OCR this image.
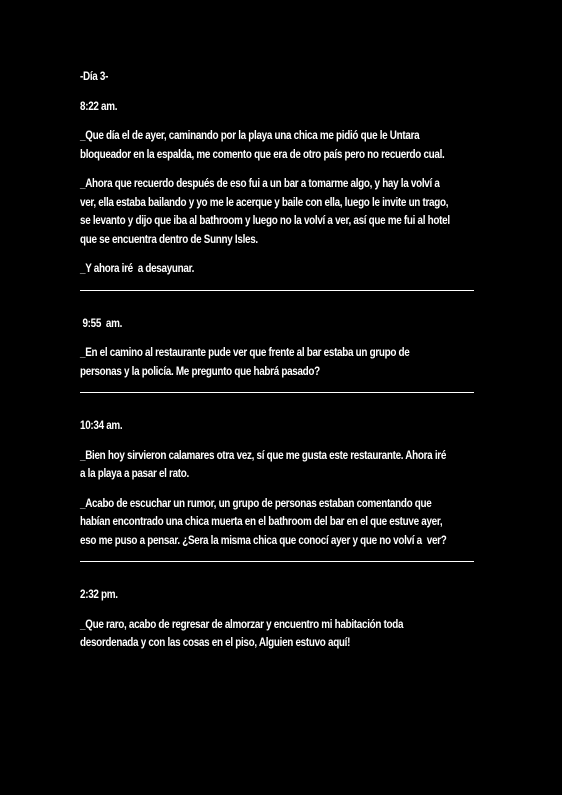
-Día 3-
8:22 am.
_Que día el de ayer, caminando por la playa una chica me pidió que le Untara
bloqueador en la espalda, me comento que era de otro país pero no recuerdo cual.
_Ahora que recuerdo después de eso fui a un bar a tomarme algo, y hay la volví a
ver, ella estaba bailando y yo me le acerque y baile con ella, luego le invite un trago,
se levanto y dijo que iba al bathroom y luego no la volví a ver, así que me fui al hotel
que se encuentra dentro de Sunny Isles.
_Y ahora iré  a desayunar.
9:55  am.
_En el camino al restaurante pude ver que frente al bar estaba un grupo de
personas y la policía. Me pregunto que habrá pasado?
10:34 am.
_Bien hoy sirvieron calamares otra vez, sí que me gusta este restaurante. Ahora iré
a la playa a pasar el rato.
_Acabo de escuchar un rumor, un grupo de personas estaban comentando que
habían encontrado una chica muerta en el bathroom del bar en el que estuve ayer,
eso me puso a pensar. ¿Sera la misma chica que conocí ayer y que no volví a  ver?
2:32 pm.
_Que raro, acabo de regresar de almorzar y encuentro mi habitación toda
desordenada y con las cosas en el piso, Alguien estuvo aquí!
